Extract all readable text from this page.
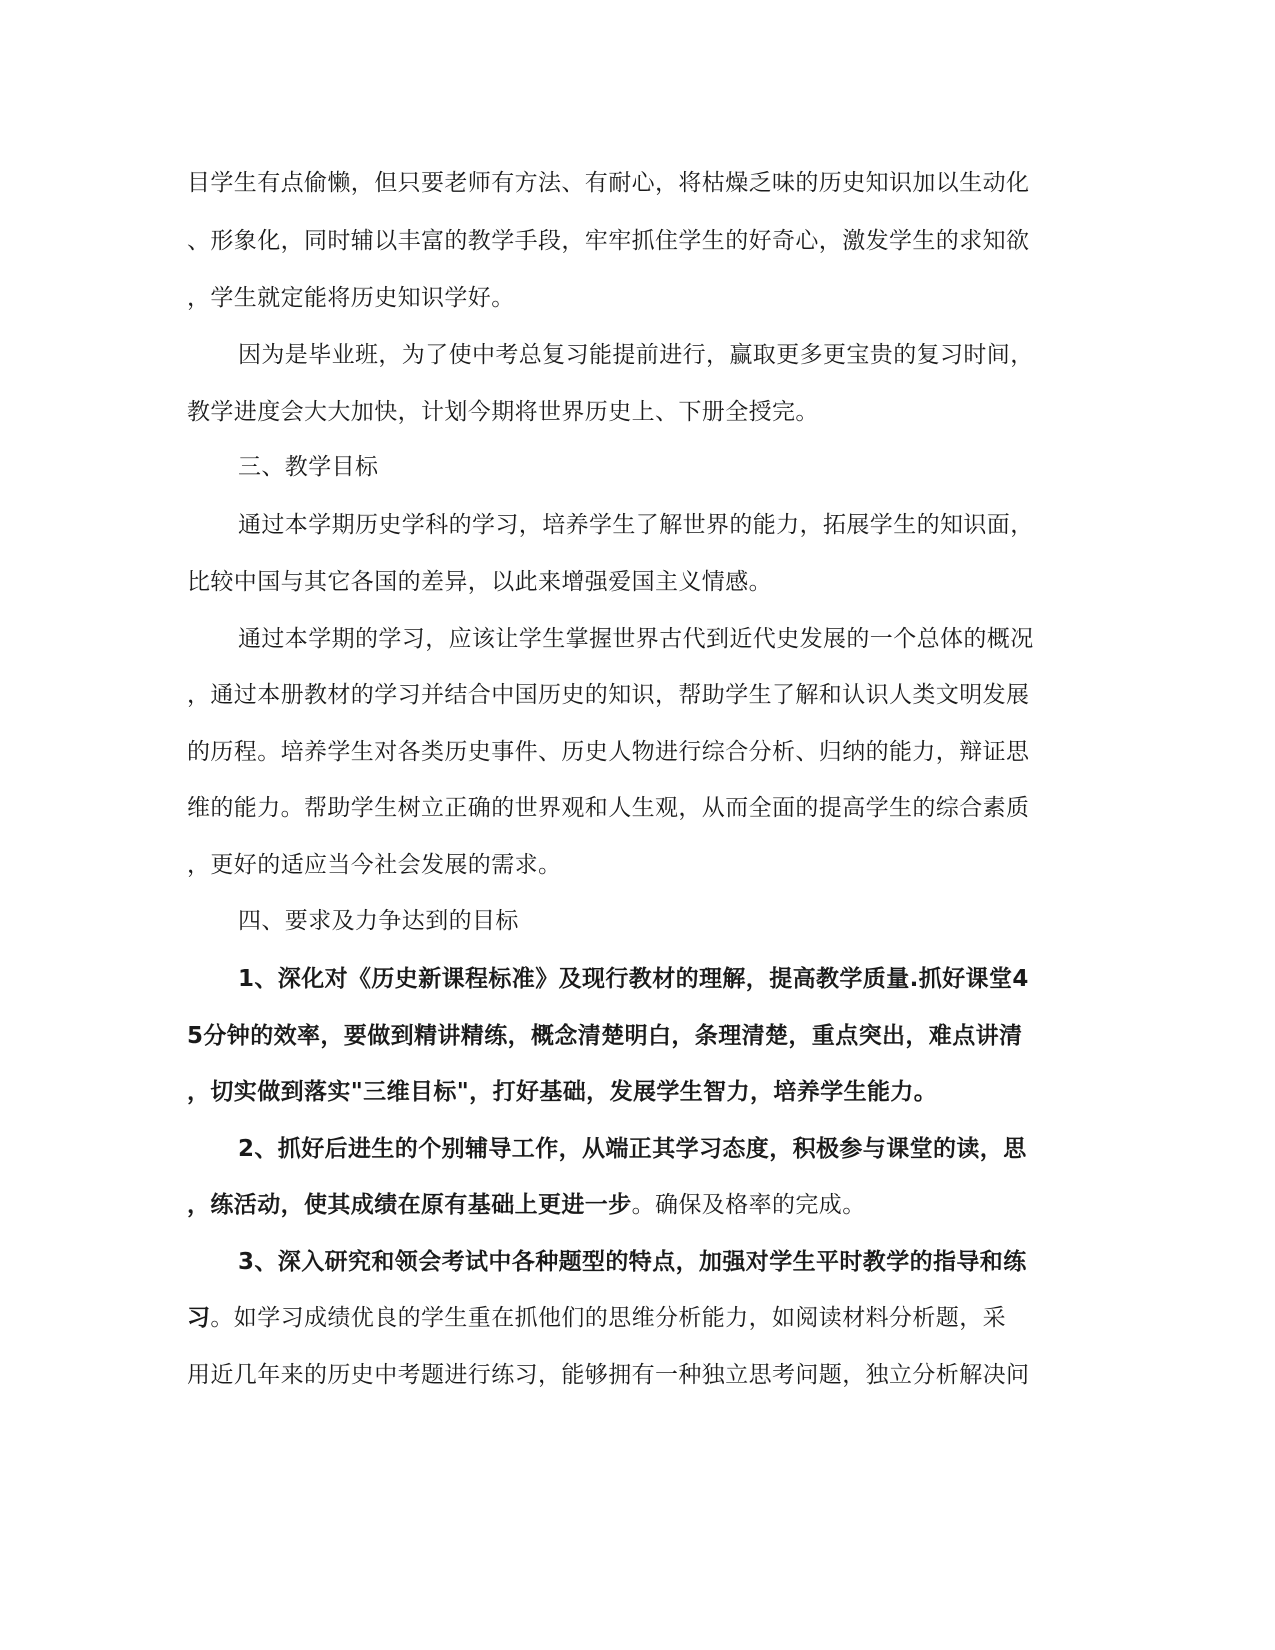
目学生有点偷懒，但只要老师有方法、有耐心，将枯燥乏味的历史知识加以生动化
、形象化，同时辅以丰富的教学手段，牢牢抓住学生的好奇心，激发学生的求知欲
，学生就定能将历史知识学好。
因为是毕业班，为了使中考总复习能提前进行，赢取更多更宝贵的复习时间，
教学进度会大大加快，计划今期将世界历史上、下册全授完。
三、教学目标
通过本学期历史学科的学习，培养学生了解世界的能力，拓展学生的知识面，
比较中国与其它各国的差异，以此来增强爱国主义情感。
通过本学期的学习，应该让学生掌握世界古代到近代史发展的一个总体的概况
，通过本册教材的学习并结合中国历史的知识，帮助学生了解和认识人类文明发展
的历程。培养学生对各类历史事件、历史人物进行综合分析、归纳的能力，辩证思
维的能力。帮助学生树立正确的世界观和人生观，从而全面的提高学生的综合素质
，更好的适应当今社会发展的需求。
四、要求及力争达到的目标
1、深化对《历史新课程标准》及现行教材的理解，提高教学质量.抓好课堂4
5分钟的效率，要做到精讲精练，概念清楚明白，条理清楚，重点突出，难点讲清
，切实做到落实"三维目标"，打好基础，发展学生智力，培养学生能力。
2、抓好后进生的个别辅导工作，从端正其学习态度，积极参与课堂的读，思
，练活动，使其成绩在原有基础上更进一步。确保及格率的完成。
3、深入研究和领会考试中各种题型的特点，加强对学生平时教学的指导和练
习。如学习成绩优良的学生重在抓他们的思维分析能力，如阅读材料分析题，采
用近几年来的历史中考题进行练习，能够拥有一种独立思考问题，独立分析解决问
